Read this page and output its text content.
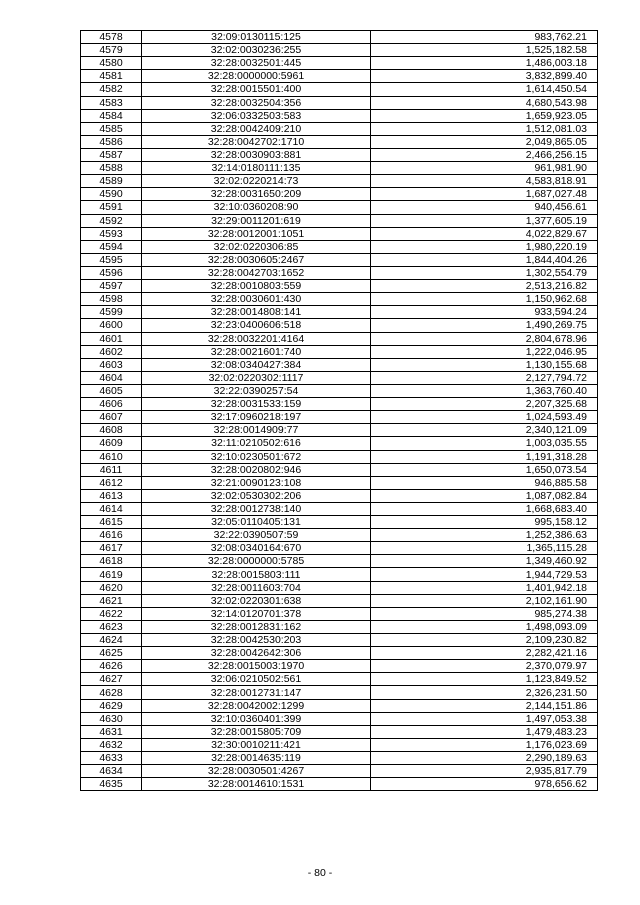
4578	32:09:0130115:125	983,762.21
4579	32:02:0030236:255	1,525,182.58
4580	32:28:0032501:445	1,486,003.18
4581	32:28:0000000:5961	3,832,899.40
4582	32:28:0015501:400	1,614,450.54
4583	32:28:0032504:356	4,680,543.98
4584	32:06:0332503:583	1,659,923.05
4585	32:28:0042409:210	1,512,081.03
4586	32:28:0042702:1710	2,049,865.05
4587	32:28:0030903:881	2,466,256.15
4588	32:14:0180111:135	961,981.90
4589	32:02:0220214:73	4,583,818.91
4590	32:28:0031650:209	1,687,027.48
4591	32:10:0360208:90	940,456.61
4592	32:29:0011201:619	1,377,605.19
4593	32:28:0012001:1051	4,022,829.67
4594	32:02:0220306:85	1,980,220.19
4595	32:28:0030605:2467	1,844,404.26
4596	32:28:0042703:1652	1,302,554.79
4597	32:28:0010803:559	2,513,216.82
4598	32:28:0030601:430	1,150,962.68
4599	32:28:0014808:141	933,594.24
4600	32:23:0400606:518	1,490,269.75
4601	32:28:0032201:4164	2,804,678.96
4602	32:28:0021601:740	1,222,046.95
4603	32:08:0340427:384	1,130,155.68
4604	32:02:0220302:1117	2,127,794.72
4605	32:22:0390257:54	1,363,760.40
4606	32:28:0031533:159	2,207,325.68
4607	32:17:0960218:197	1,024,593.49
4608	32:28:0014909:77	2,340,121.09
4609	32:11:0210502:616	1,003,035.55
4610	32:10:0230501:672	1,191,318.28
4611	32:28:0020802:946	1,650,073.54
4612	32:21:0090123:108	946,885.58
4613	32:02:0530302:206	1,087,082.84
4614	32:28:0012738:140	1,668,683.40
4615	32:05:0110405:131	995,158.12
4616	32:22:0390507:59	1,252,386.63
4617	32:08:0340164:670	1,365,115.28
4618	32:28:0000000:5785	1,349,460.92
4619	32:28:0015803:111	1,944,729.53
4620	32:28:0011603:704	1,401,942.18
4621	32:02:0220301:638	2,102,161.90
4622	32:14:0120701:378	985,274.38
4623	32:28:0012831:162	1,498,093.09
4624	32:28:0042530:203	2,109,230.82
4625	32:28:0042642:306	2,282,421.16
4626	32:28:0015003:1970	2,370,079.97
4627	32:06:0210502:561	1,123,849.52
4628	32:28:0012731:147	2,326,231.50
4629	32:28:0042002:1299	2,144,151.86
4630	32:10:0360401:399	1,497,053.38
4631	32:28:0015805:709	1,479,483.23
4632	32:30:0010211:421	1,176,023.69
4633	32:28:0014635:119	2,290,189.63
4634	32:28:0030501:4267	2,935,817.79
4635	32:28:0014610:1531	978,656.62
- 80 -
